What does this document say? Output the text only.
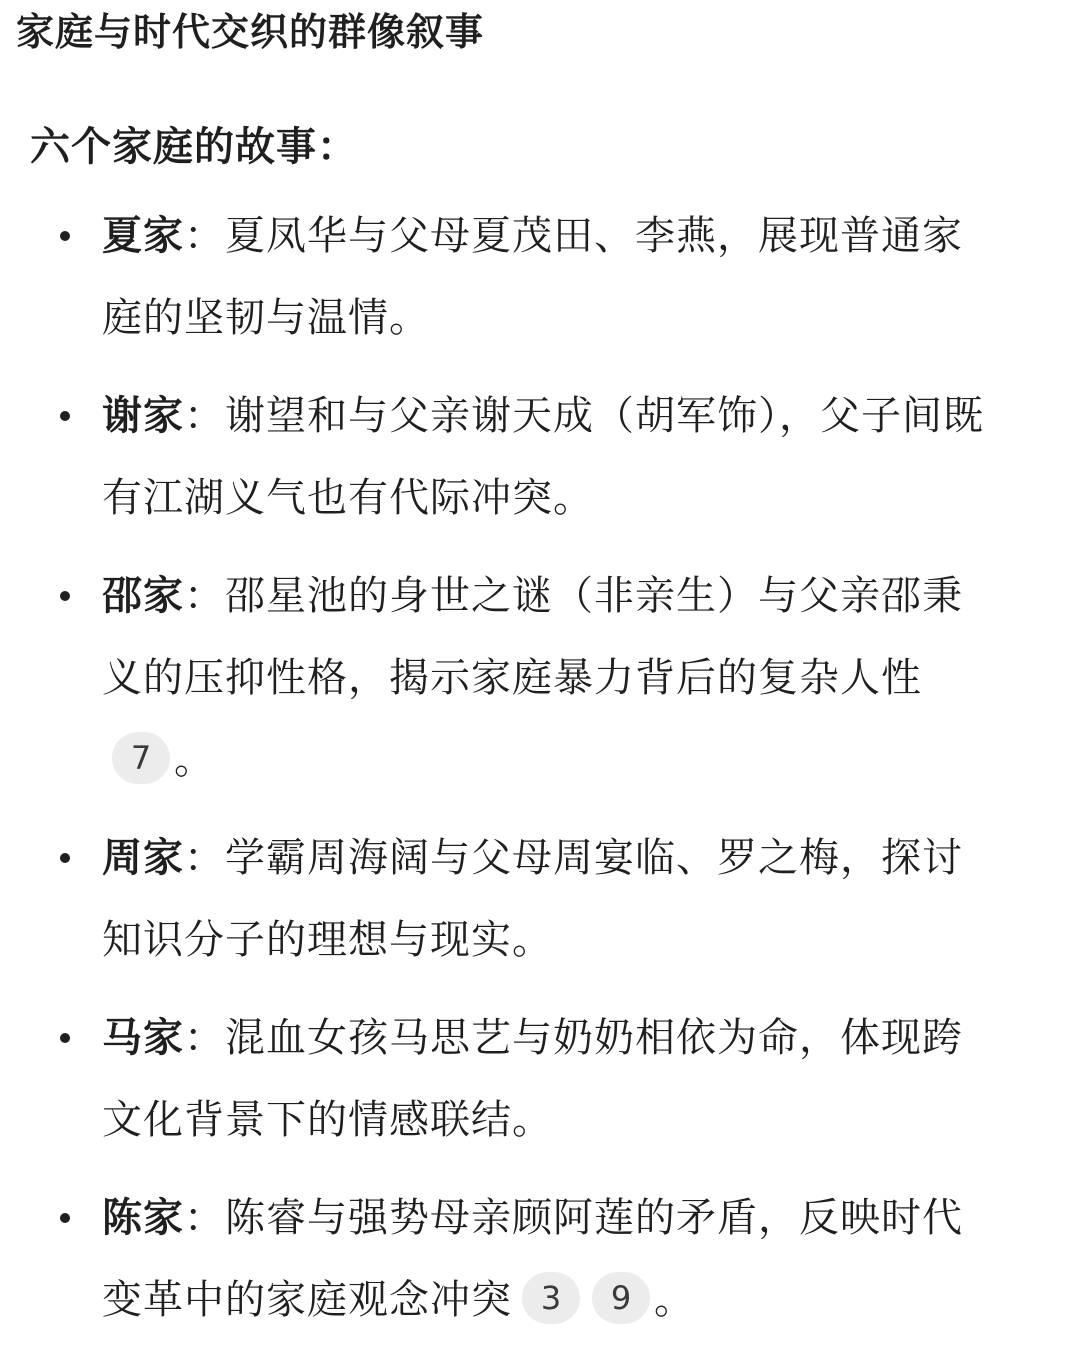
家庭与时代交织的群像叙事
六个家庭的故事：
夏家：夏凤华与父母夏茂田、李燕，展现普通家庭的坚韧与温情。
谢家：谢望和与父亲谢天成（胡军饰），父子间既有江湖义气也有代际冲突。
邵家：邵星池的身世之谜（非亲生）与父亲邵秉义的压抑性格，揭示家庭暴力背后的复杂人性7 。
周家：学霸周海阔与父母周宴临、罗之梅，探讨知识分子的理想与现实。
马家：混血女孩马思艺与奶奶相依为命，体现跨文化背景下的情感联结。
陈家：陈睿与强势母亲顾阿莲的矛盾，反映时代变革中的家庭观念冲突 3 9 。
